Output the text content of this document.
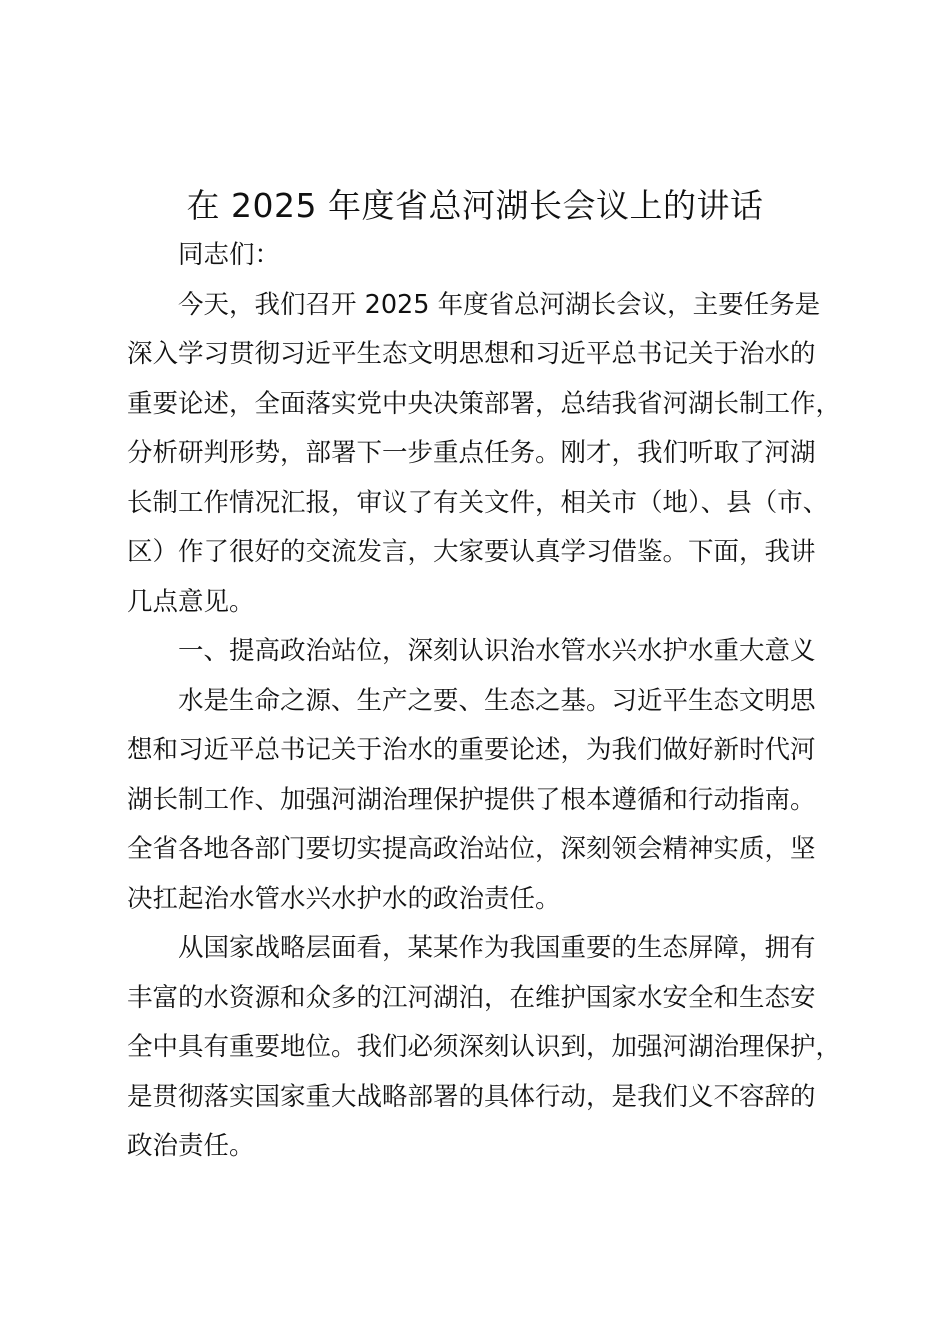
在 2025 年度省总河湖长会议上的讲话

同志们：

今天，我们召开 2025 年度省总河湖长会议，主要任务是

深入学习贯彻习近平生态文明思想和习近平总书记关于治水的

重要论述，全面落实党中央决策部署，总结我省河湖长制工作，

分析研判形势，部署下一步重点任务。刚才，我们听取了河湖

长制工作情况汇报，审议了有关文件，相关市（地）、县（市、

区）作了很好的交流发言，大家要认真学习借鉴。下面，我讲

几点意见。

一、提高政治站位，深刻认识治水管水兴水护水重大意义

水是生命之源、生产之要、生态之基。习近平生态文明思

想和习近平总书记关于治水的重要论述，为我们做好新时代河

湖长制工作、加强河湖治理保护提供了根本遵循和行动指南。

全省各地各部门要切实提高政治站位，深刻领会精神实质，坚

决扛起治水管水兴水护水的政治责任。

从国家战略层面看，某某作为我国重要的生态屏障，拥有

丰富的水资源和众多的江河湖泊，在维护国家水安全和生态安

全中具有重要地位。我们必须深刻认识到，加强河湖治理保护，

是贯彻落实国家重大战略部署的具体行动，是我们义不容辞的

政治责任。
